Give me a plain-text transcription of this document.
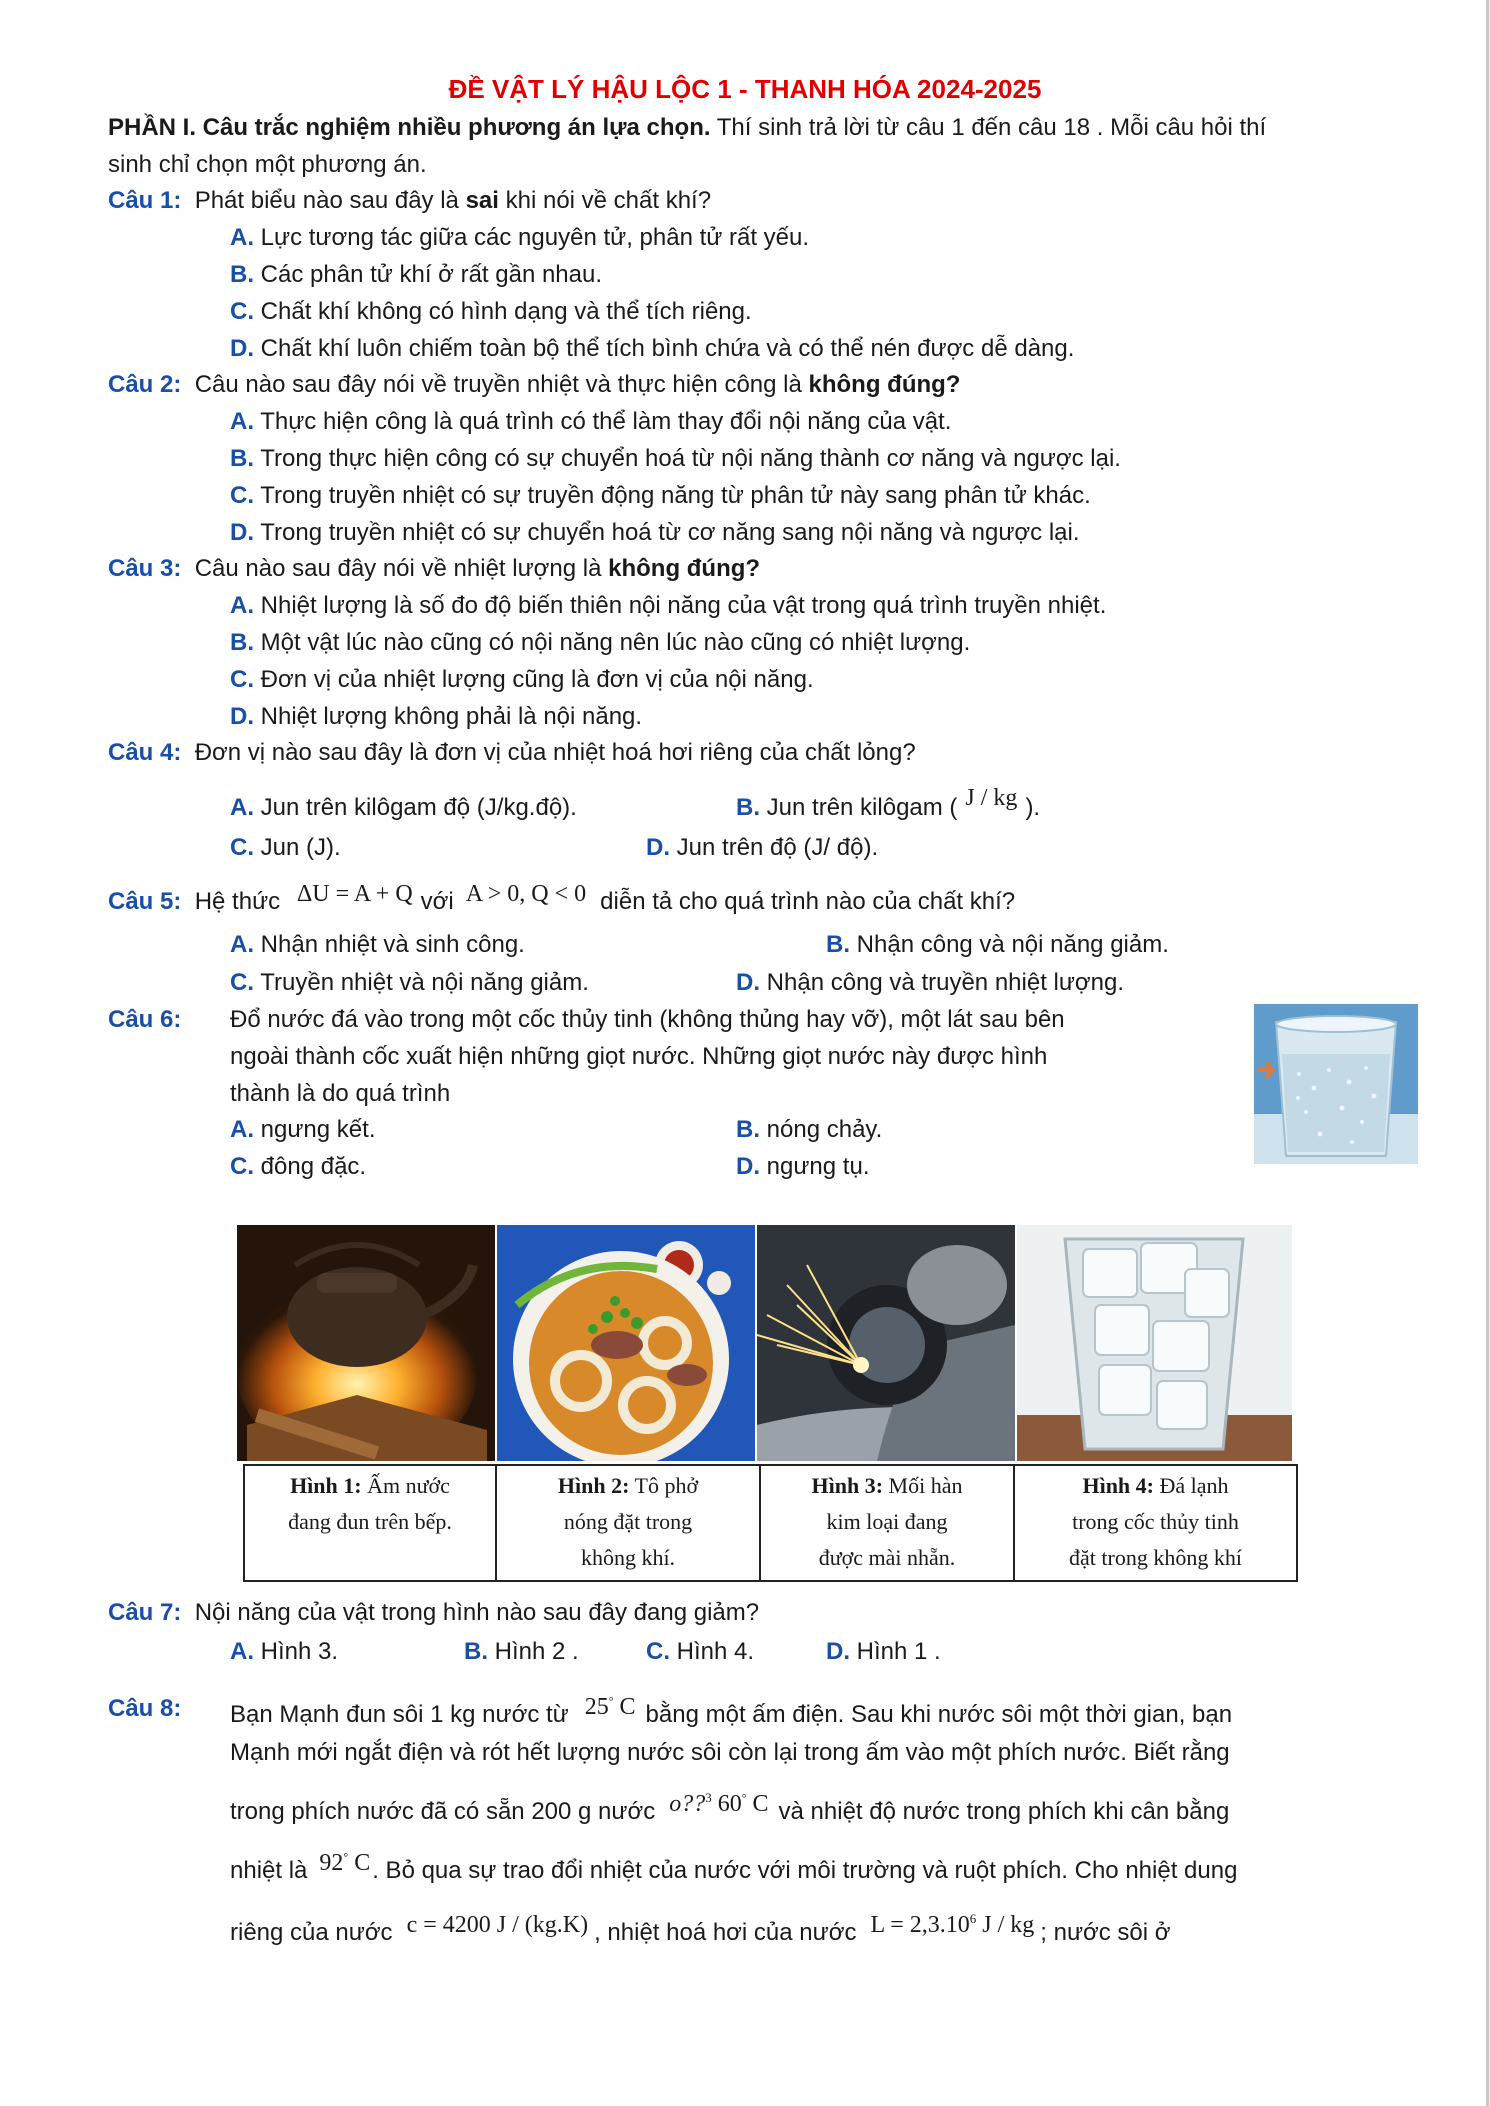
ĐỀ VẬT LÝ HẬU LỘC 1 - THANH HÓA 2024-2025
PHẦN I. Câu trắc nghiệm nhiều phương án lựa chọn. Thí sinh trả lời từ câu 1 đến câu 18 . Mỗi câu hỏi thí
sinh chỉ chọn một phương án.
Câu 1: Phát biểu nào sau đây là sai khi nói về chất khí?
A. Lực tương tác giữa các nguyên tử, phân tử rất yếu.
B. Các phân tử khí ở rất gần nhau.
C. Chất khí không có hình dạng và thể tích riêng.
D. Chất khí luôn chiếm toàn bộ thể tích bình chứa và có thể nén được dễ dàng.
Câu 2: Câu nào sau đây nói về truyền nhiệt và thực hiện công là không đúng?
A. Thực hiện công là quá trình có thể làm thay đổi nội năng của vật.
B. Trong thực hiện công có sự chuyển hoá từ nội năng thành cơ năng và ngược lại.
C. Trong truyền nhiệt có sự truyền động năng từ phân tử này sang phân tử khác.
D. Trong truyền nhiệt có sự chuyển hoá từ cơ năng sang nội năng và ngược lại.
Câu 3: Câu nào sau đây nói về nhiệt lượng là không đúng?
A. Nhiệt lượng là số đo độ biến thiên nội năng của vật trong quá trình truyền nhiệt.
B. Một vật lúc nào cũng có nội năng nên lúc nào cũng có nhiệt lượng.
C. Đơn vị của nhiệt lượng cũng là đơn vị của nội năng.
D. Nhiệt lượng không phải là nội năng.
Câu 4: Đơn vị nào sau đây là đơn vị của nhiệt hoá hơi riêng của chất lỏng?
A. Jun trên kilôgam độ (J/kg.độ).	B. Jun trên kilôgam ( J / kg ).
C. Jun (J).	D. Jun trên độ (J/ độ).
Câu 5: Hệ thức ΔU = A + Q với A > 0, Q < 0 diễn tả cho quá trình nào của chất khí?
A. Nhận nhiệt và sinh công.	B. Nhận công và nội năng giảm.
C. Truyền nhiệt và nội năng giảm.	D. Nhận công và truyền nhiệt lượng.
Câu 6: Đổ nước đá vào trong một cốc thủy tinh (không thủng hay vỡ), một lát sau bên
ngoài thành cốc xuất hiện những giọt nước. Những giọt nước này được hình
thành là do quá trình
A. ngưng kết.	B. nóng chảy.
C. đông đặc.	D. ngưng tụ.
Hình 1: Ấm nước
đang đun trên bếp.
Hình 2: Tô phở
nóng đặt trong
không khí.
Hình 3: Mối hàn
kim loại đang
được mài nhẵn.
Hình 4: Đá lạnh
trong cốc thủy tinh
đặt trong không khí
Câu 7: Nội năng của vật trong hình nào sau đây đang giảm?
A. Hình 3.	B. Hình 2 .	C. Hình 4.	D. Hình 1 .
Câu 8: Bạn Mạnh đun sôi 1 kg nước từ 25° C bằng một ấm điện. Sau khi nước sôi một thời gian, bạn
Mạnh mới ngắt điện và rót hết lượng nước sôi còn lại trong ấm vào một phích nước. Biết rằng
trong phích nước đã có sẵn 200 g nước o??$^3$ 60° C và nhiệt độ nước trong phích khi cân bằng
nhiệt là 92° C. Bỏ qua sự trao đổi nhiệt của nước với môi trường và ruột phích. Cho nhiệt dung
riêng của nước c = 4200 J / (kg.K) , nhiệt hoá hơi của nước $L = 2,3.10^6$ J / kg ; nước sôi ở
